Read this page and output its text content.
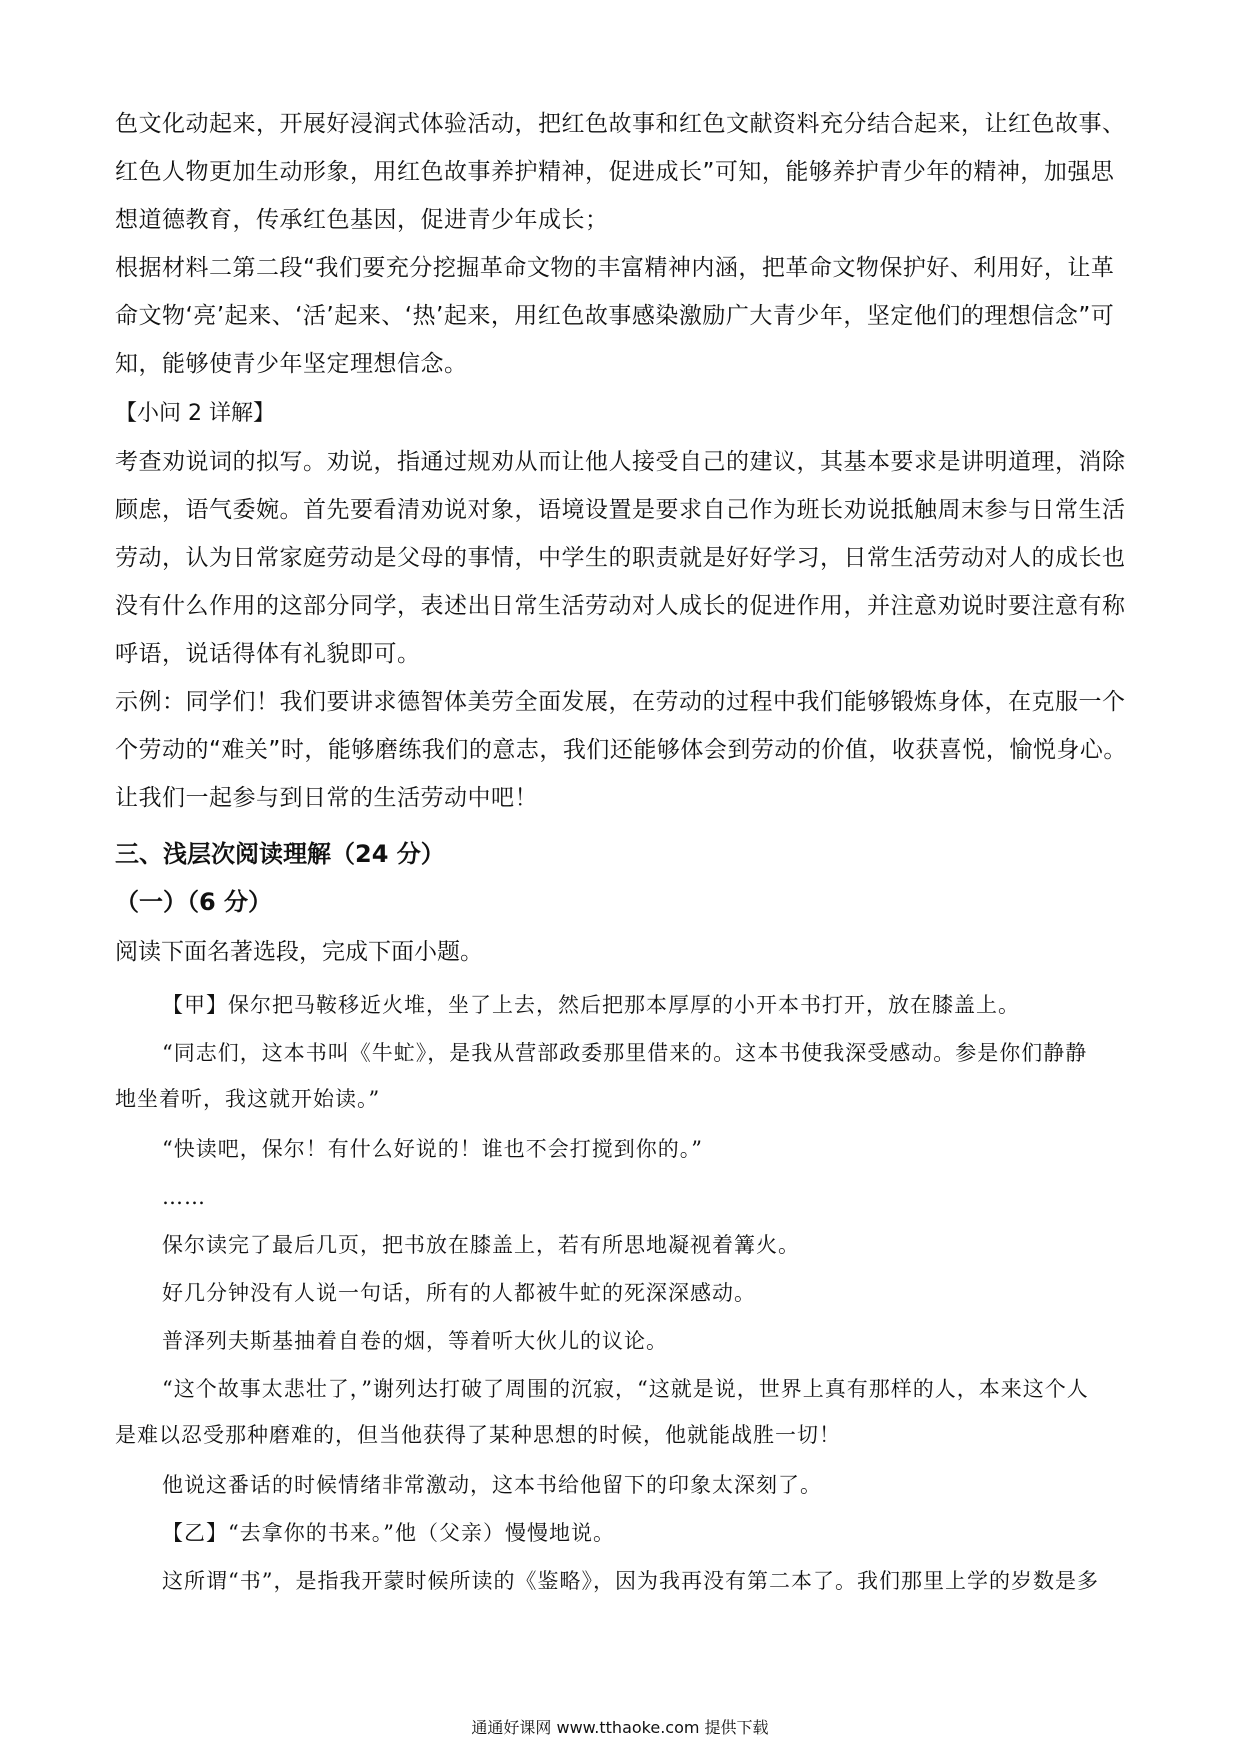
色文化动起来，开展好浸润式体验活动，把红色故事和红色文献资料充分结合起来，让红色故事、红色人物更加生动形象，用红色故事养护精神，促进成长”可知，能够养护青少年的精神，加强思想道德教育，传承红色基因，促进青少年成长；

根据材料二第二段“我们要充分挖掘革命文物的丰富精神内涵，把革命文物保护好、利用好，让革命文物‘亮’起来、‘活’起来、‘热’起来，用红色故事感染激励广大青少年，坚定他们的理想信念”可知，能够使青少年坚定理想信念。

【小问 2 详解】

考查劝说词的拟写。劝说，指通过规劝从而让他人接受自己的建议，其基本要求是讲明道理，消除顾虑，语气委婉。首先要看清劝说对象，语境设置是要求自己作为班长劝说抵触周末参与日常生活劳动，认为日常家庭劳动是父母的事情，中学生的职责就是好好学习，日常生活劳动对人的成长也没有什么作用的这部分同学，表述出日常生活劳动对人成长的促进作用，并注意劝说时要注意有称呼语，说话得体有礼貌即可。

示例：同学们！我们要讲求德智体美劳全面发展，在劳动的过程中我们能够锻炼身体，在克服一个个劳动的“难关”时，能够磨练我们的意志，我们还能够体会到劳动的价值，收获喜悦，愉悦身心。让我们一起参与到日常的生活劳动中吧！

三、浅层次阅读理解（24 分）
（一）（6 分）

阅读下面名著选段，完成下面小题。

【甲】保尔把马鞍移近火堆，坐了上去，然后把那本厚厚的小开本书打开，放在膝盖上。

“同志们，这本书叫《牛虻》，是我从营部政委那里借来的。这本书使我深受感动。参是你们静静地坐着听，我这就开始读。”

“快读吧，保尔！有什么好说的！谁也不会打搅到你的。”

……

保尔读完了最后几页，把书放在膝盖上，若有所思地凝视着篝火。

好几分钟没有人说一句话，所有的人都被牛虻的死深深感动。

普泽列夫斯基抽着自卷的烟，等着听大伙儿的议论。

“这个故事太悲壮了，”谢列达打破了周围的沉寂，“这就是说，世界上真有那样的人，本来这个人是难以忍受那种磨难的，但当他获得了某种思想的时候，他就能战胜一切！

他说这番话的时候情绪非常激动，这本书给他留下的印象太深刻了。

【乙】“去拿你的书来。”他（父亲）慢慢地说。

这所谓“书”，是指我开蒙时候所读的《鉴略》，因为我再没有第二本了。我们那里上学的岁数是多

通通好课网 www.tthaoke.com 提供下载
